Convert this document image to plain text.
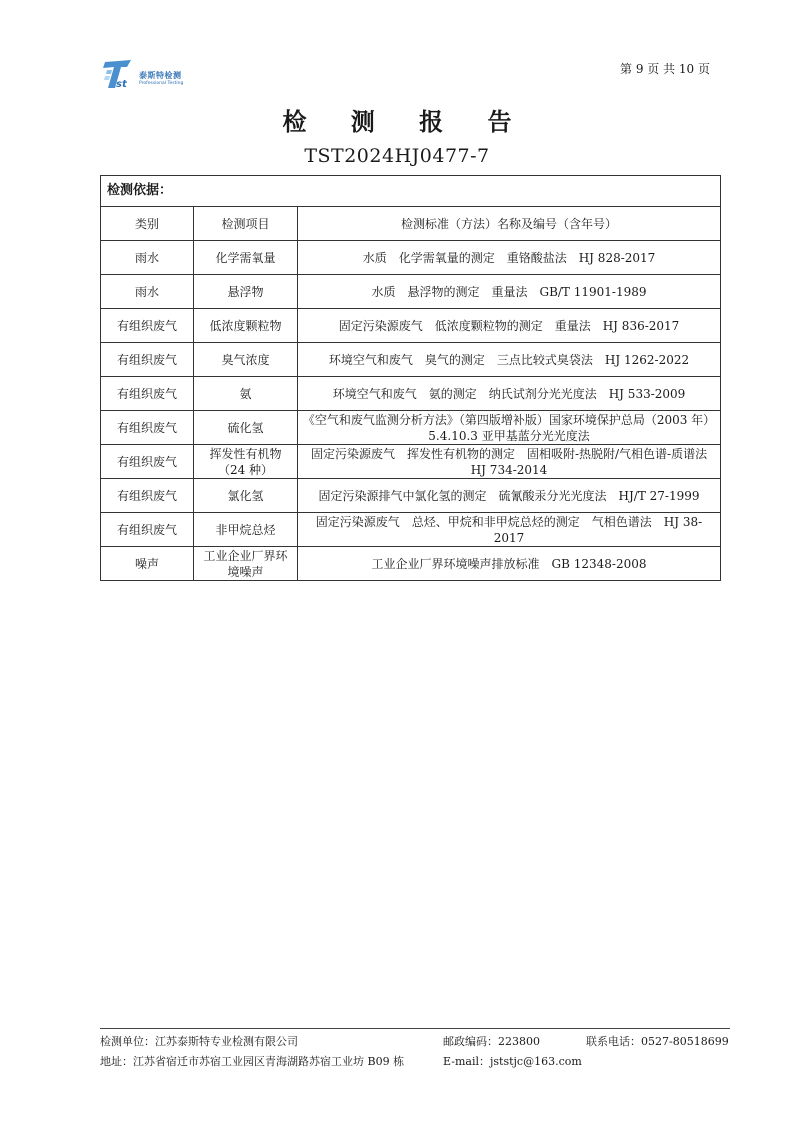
st
泰斯特检测
Professional Testing
第 9 页 共 10 页
检 测 报 告
TST2024HJ0477-7
检测依据：		
类别	检测项目	检测标准（方法）名称及编号（含年号）
雨水	化学需氧量	水质　化学需氧量的测定　重铬酸盐法　HJ 828-2017
雨水	悬浮物	水质　悬浮物的测定　重量法　GB/T 11901-1989
有组织废气	低浓度颗粒物	固定污染源废气　低浓度颗粒物的测定　重量法　HJ 836-2017
有组织废气	臭气浓度	环境空气和废气　臭气的测定　三点比较式臭袋法　HJ 1262-2022
有组织废气	氨	环境空气和废气　氨的测定　纳氏试剂分光光度法　HJ 533-2009
有组织废气	硫化氢	《空气和废气监测分析方法》（第四版增补版）国家环境保护总局（2003 年）5.4.10.3 亚甲基蓝分光光度法
有组织废气	挥发性有机物（24 种）	固定污染源废气　挥发性有机物的测定　固相吸附-热脱附/气相色谱-质谱法　HJ 734-2014
有组织废气	氯化氢	固定污染源排气中氯化氢的测定　硫氰酸汞分光光度法　HJ/T 27-1999
有组织废气	非甲烷总烃	固定污染源废气　总烃、甲烷和非甲烷总烃的测定　气相色谱法　HJ 38-2017
噪声	工业企业厂界环境噪声	工业企业厂界环境噪声排放标准　GB 12348-2008
检测单位：江苏泰斯特专业检测有限公司	邮政编码：223800	联系电话：0527-80518699
地址：江苏省宿迁市苏宿工业园区青海湖路苏宿工业坊 B09 栋	E-mail：jststjc@163.com
